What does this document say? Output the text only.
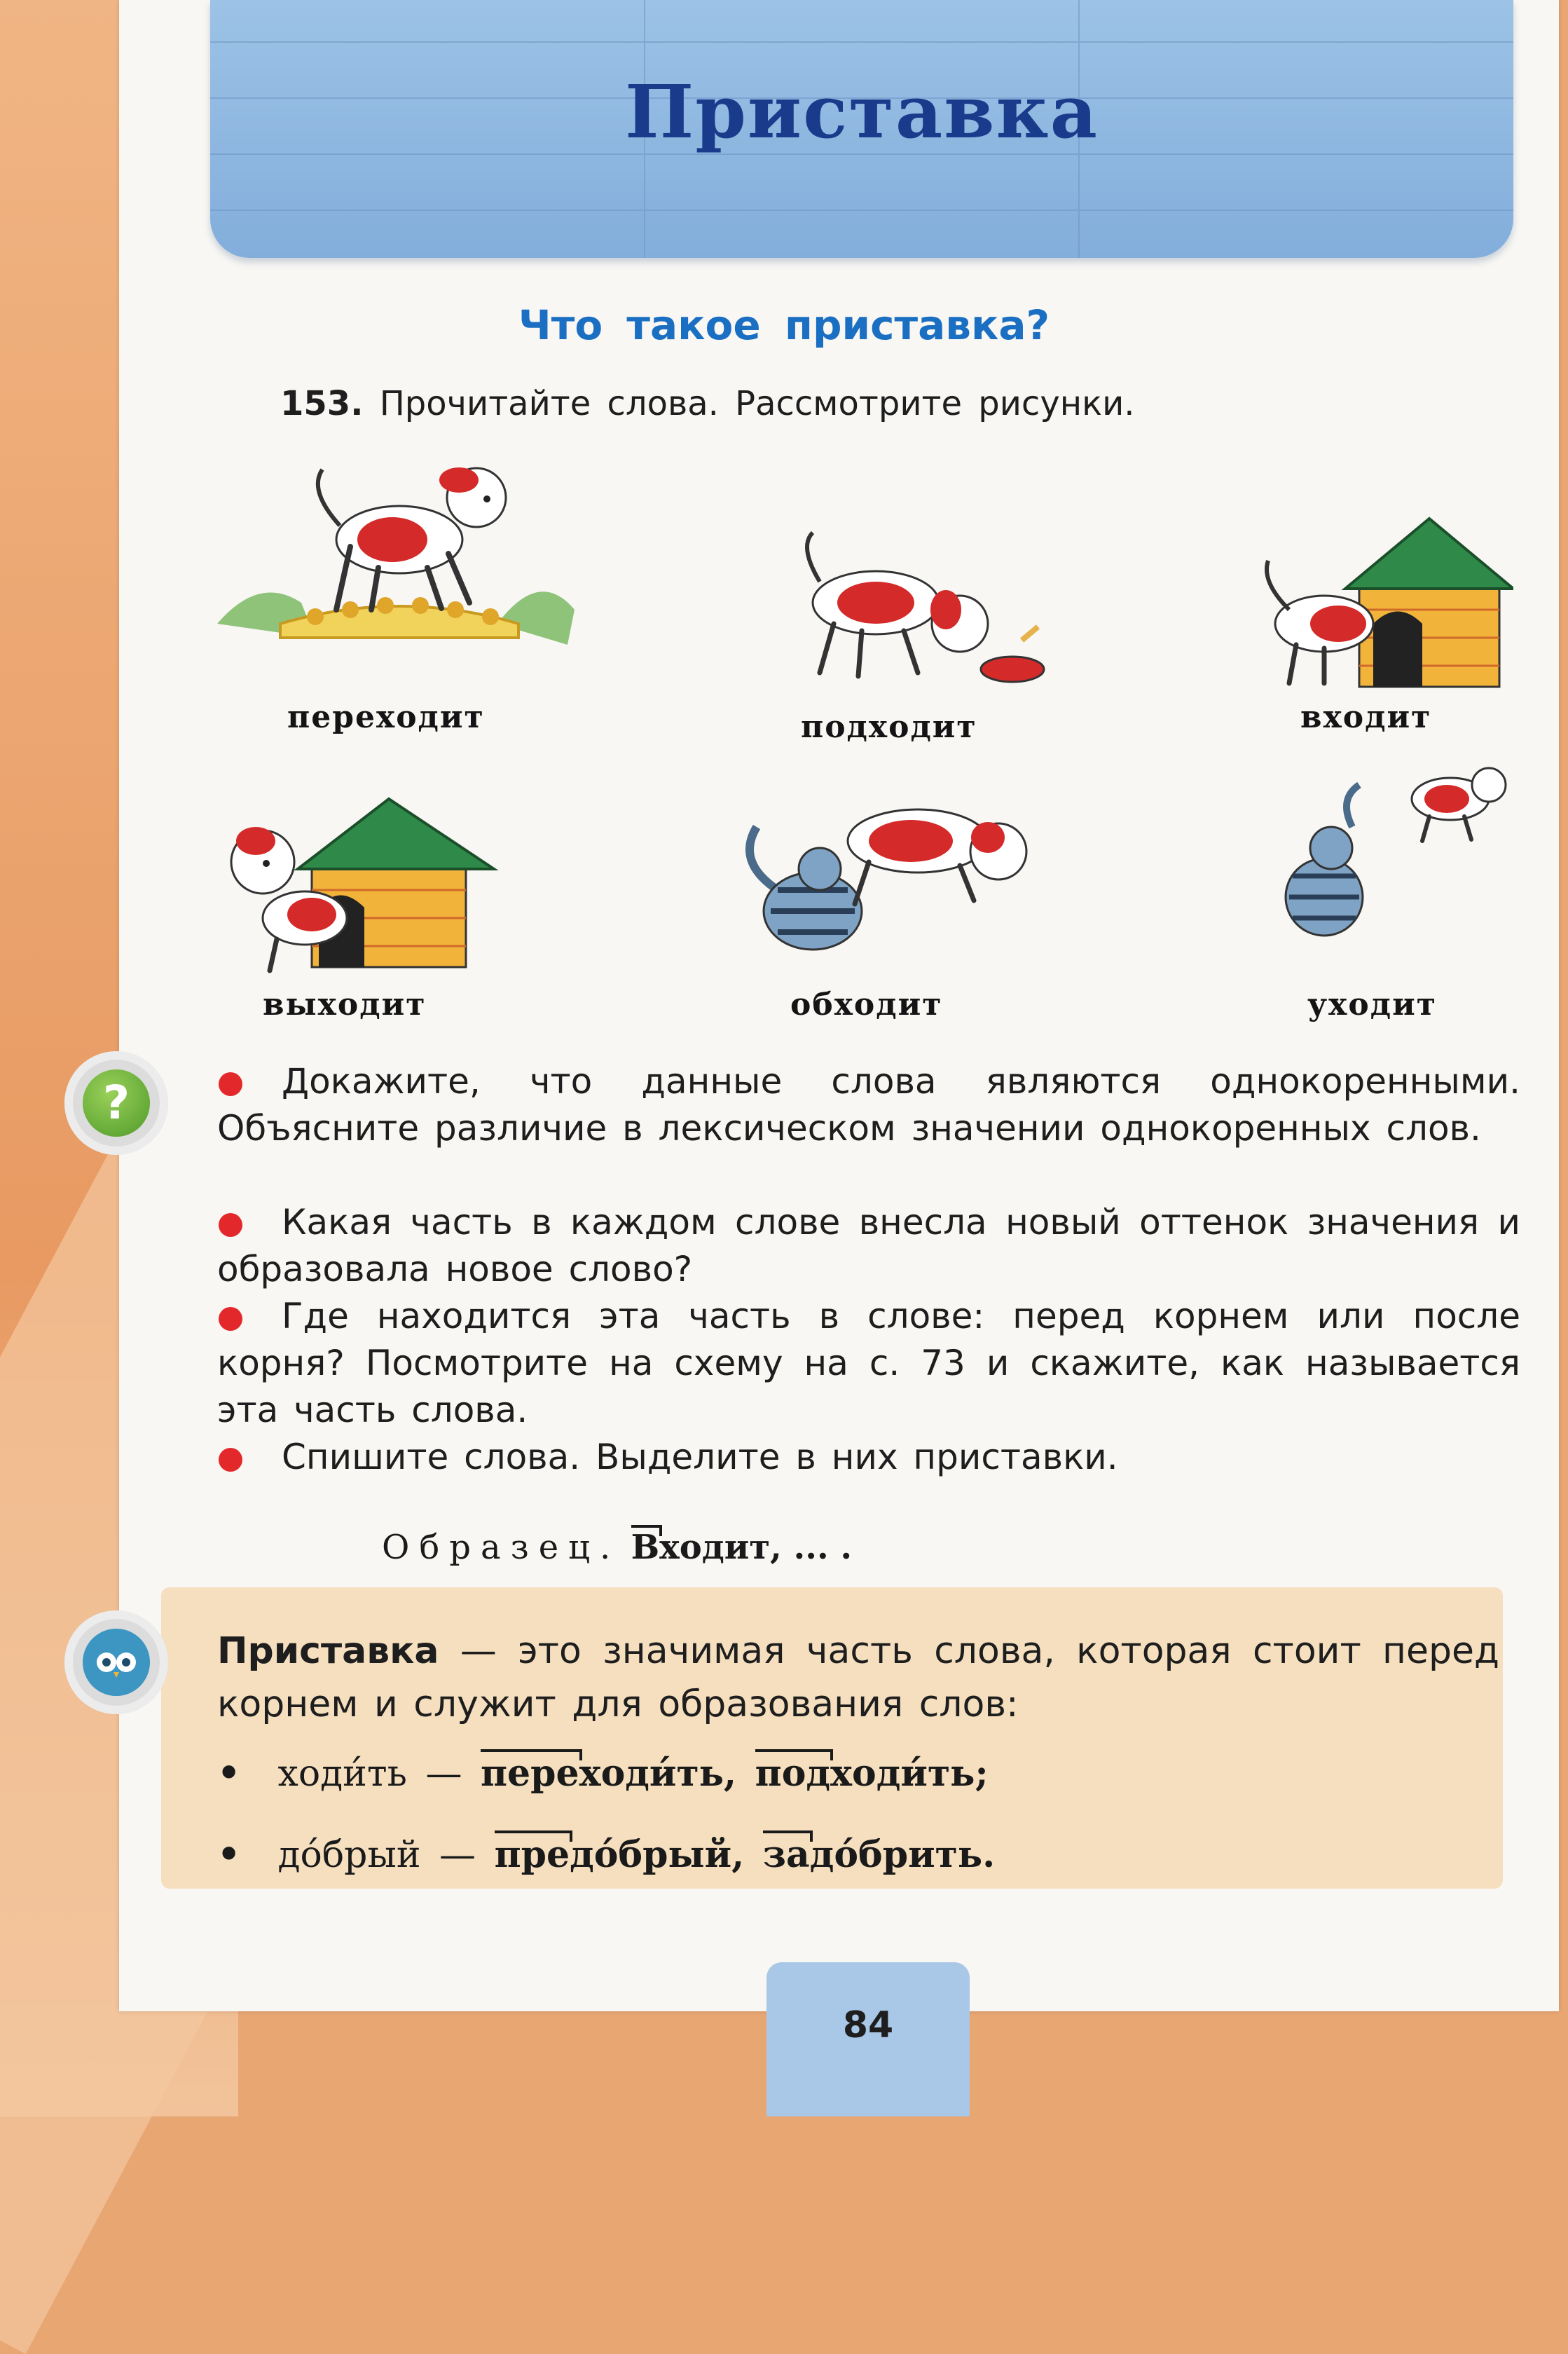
Приставка
Что такое приставка?
153. Прочитайте слова. Рассмотрите рисунки.
переходит	подходит	входит
выходит	обходит	уходит
?	Докажите, что данные слова являются однокоренными. Объясните различие в лексическом значении однокоренных слов.
Какая часть в каждом слове внесла новый оттенок значения и образовала новое слово?
Где находится эта часть в слове: перед корнем или после корня? Посмотрите на схему на с. 73 и скажите, как называется эта часть слова.
Спишите слова. Выделите в них приставки.
Образец. Входит, ... .
Приставка — это значимая часть слова, которая стоит перед корнем и служит для образования слов:
• ходи́ть — переходи́ть, подходи́ть;
• до́брый — предо́брый, задо́брить.
84
